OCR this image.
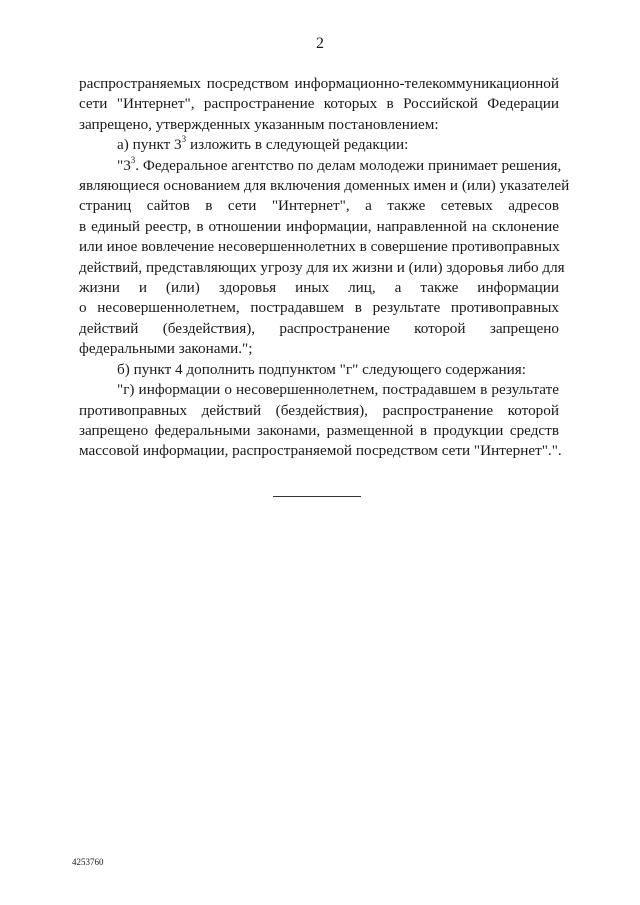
2
распространяемых посредством информационно-телекоммуникационной
сети "Интернет", распространение которых в Российской Федерации
запрещено, утвержденных указанным постановлением:
а) пункт $3^3$ изложить в следующей редакции:
"$3^3$. Федеральное агентство по делам молодежи принимает решения,
являющиеся основанием для включения доменных имен и (или) указателей
страниц сайтов в сети "Интернет", а также сетевых адресов
в единый реестр, в отношении информации, направленной на склонение
или иное вовлечение несовершеннолетних в совершение противоправных
действий, представляющих угрозу для их жизни и (или) здоровья либо для
жизни и (или) здоровья иных лиц, а также информации
о несовершеннолетнем, пострадавшем в результате противоправных
действий (бездействия), распространение которой запрещено
федеральными законами.";
б) пункт 4 дополнить подпунктом "г" следующего содержания:
"г) информации о несовершеннолетнем, пострадавшем в результате
противоправных действий (бездействия), распространение которой
запрещено федеральными законами, размещенной в продукции средств
массовой информации, распространяемой посредством сети "Интернет".".
4253760
